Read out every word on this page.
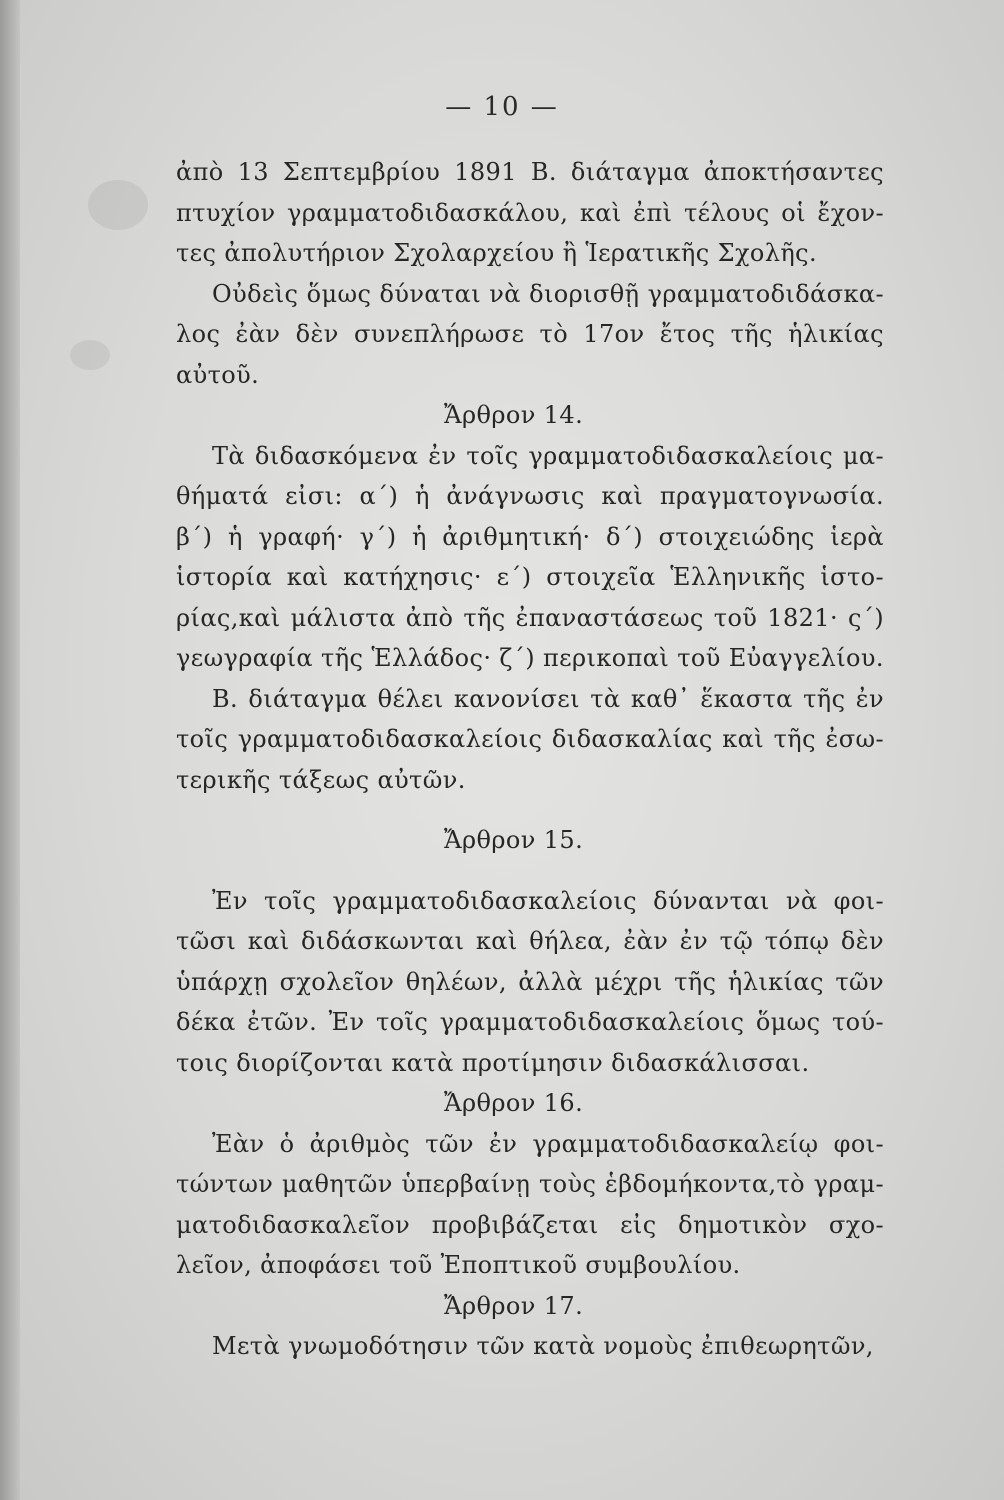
— 10 —
ἀπὸ 13 Σεπτεμβρίου 1891 Β. διάταγμα ἀποκτήσαντες
πτυχίον γραμματοδιδασκάλου, καὶ ἐπὶ τέλους οἱ ἔχον-
τες ἀπολυτήριον Σχολαρχείου ἢ Ἱερατικῆς Σχολῆς.
Οὐδεὶς ὅμως δύναται νὰ διορισθῇ γραμματοδιδάσκα-
λος ἐὰν δὲν συνεπλήρωσε τὸ 17ον ἔτος τῆς ἡλικίας
αὐτοῦ.
Ἄρθρον 14.
Τὰ διδασκόμενα ἐν τοῖς γραμματοδιδασκαλείοις μα-
θήματά εἰσι: α΄) ἡ ἀνάγνωσις καὶ πραγματογνωσία.
β΄) ἡ γραφή· γ΄) ἡ ἀριθμητική· δ΄) στοιχειώδης ἱερὰ
ἱστορία καὶ κατήχησις· ε΄) στοιχεῖα Ἑλληνικῆς ἱστο-
ρίας,καὶ μάλιστα ἀπὸ τῆς ἐπαναστάσεως τοῦ 1821· ς΄)
γεωγραφία τῆς Ἑλλάδος· ζ΄) περικοπαὶ τοῦ Εὐαγγελίου.
Β. διάταγμα θέλει κανονίσει τὰ καθ᾽ ἕκαστα τῆς ἐν
τοῖς γραμματοδιδασκαλείοις διδασκαλίας καὶ τῆς ἐσω-
τερικῆς τάξεως αὐτῶν.
Ἄρθρον 15.
Ἐν τοῖς γραμματοδιδασκαλείοις δύνανται νὰ φοι-
τῶσι καὶ διδάσκωνται καὶ θήλεα, ἐὰν ἐν τῷ τόπῳ δὲν
ὑπάρχῃ σχολεῖον θηλέων, ἀλλὰ μέχρι τῆς ἡλικίας τῶν
δέκα ἐτῶν. Ἐν τοῖς γραμματοδιδασκαλείοις ὅμως τού-
τοις διορίζονται κατὰ προτίμησιν διδασκάλισσαι.
Ἄρθρον 16.
Ἐὰν ὁ ἀριθμὸς τῶν ἐν γραμματοδιδασκαλείῳ φοι-
τώντων μαθητῶν ὑπερβαίνῃ τοὺς ἑβδομήκοντα,τὸ γραμ-
ματοδιδασκαλεῖον προβιβάζεται εἰς δημοτικὸν σχο-
λεῖον, ἀποφάσει τοῦ Ἐποπτικοῦ συμβουλίου.
Ἄρθρον 17.
Μετὰ γνωμοδότησιν τῶν κατὰ νομοὺς ἐπιθεωρητῶν,
